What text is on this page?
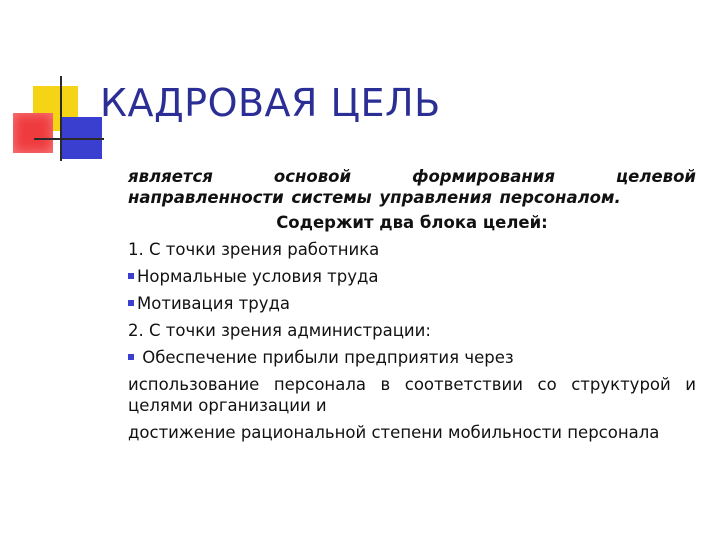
КАДРОВАЯ ЦЕЛЬ

является основой формирования целевой направленности системы управления персоналом.

Содержит два блока целей:

1. С точки зрения работника

Нормальные условия труда

Мотивация труда

2. С точки зрения администрации:

Обеспечение прибыли предприятия через

использование персонала в соответствии со структурой и целями организации и

достижение рациональной степени мобильности персонала
